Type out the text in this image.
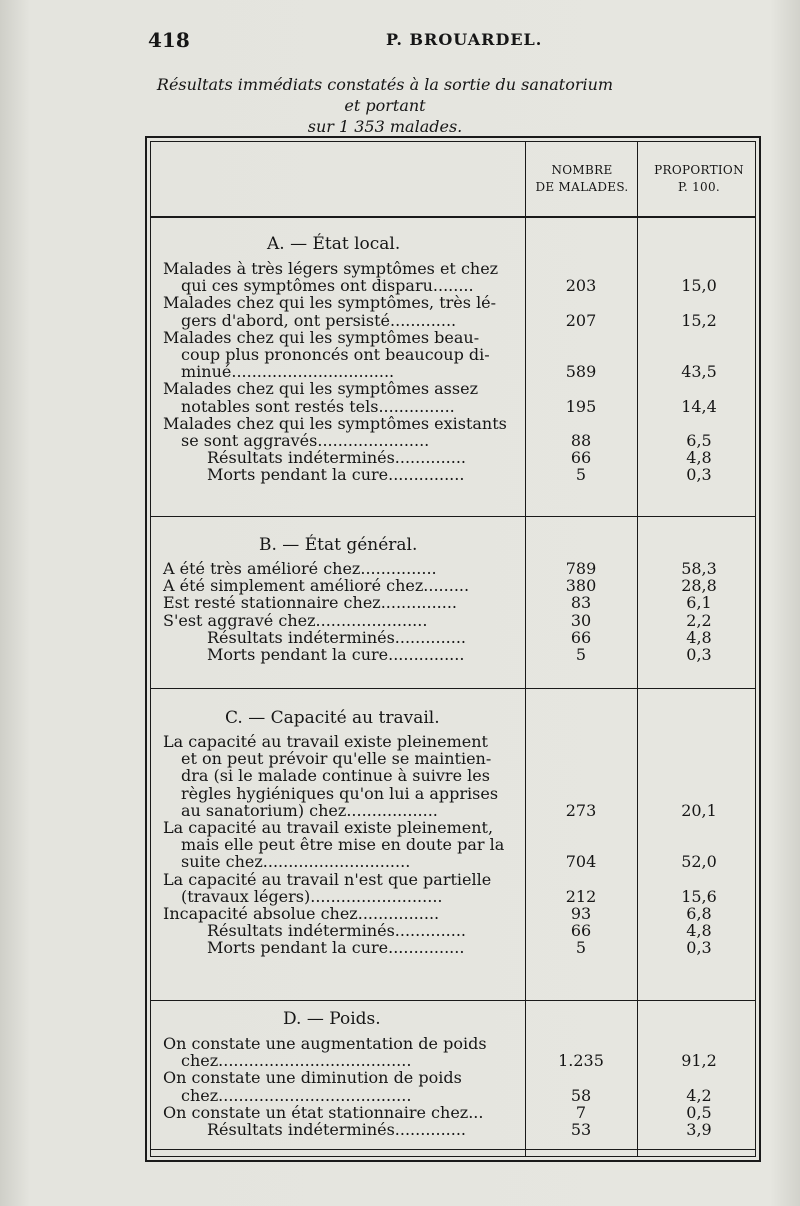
418	P. BROUARDEL.
Résultats immédiats constatés à la sortie du sanatorium et portant
sur 1 353 malades.
NOMBRE
DE MALADES.
PROPORTION
P. 100.
A. — État local.
Malades à très légers symptômes et chez
qui ces symptômes ont disparu........	203	15,0
Malades chez qui les symptômes, très lé-
gers d'abord, ont persisté.............	207	15,2
Malades chez qui les symptômes beau-
coup plus prononcés ont beaucoup di-
minué................................	589	43,5
Malades chez qui les symptômes assez
notables sont restés tels...............	195	14,4
Malades chez qui les symptômes existants
se sont aggravés......................	88	6,5
Résultats indéterminés..............	66	4,8
Morts pendant la cure...............	5	0,3
B. — État général.
A été très amélioré chez...............	789	58,3
A été simplement amélioré chez.........	380	28,8
Est resté stationnaire chez...............	83	6,1
S'est aggravé chez......................	30	2,2
Résultats indéterminés..............	66	4,8
Morts pendant la cure...............	5	0,3
C. — Capacité au travail.
La capacité au travail existe pleinement
et on peut prévoir qu'elle se maintien-
dra (si le malade continue à suivre les
règles hygiéniques qu'on lui a apprises
au sanatorium) chez..................	273	20,1
La capacité au travail existe pleinement,
mais elle peut être mise en doute par la
suite chez.............................	704	52,0
La capacité au travail n'est que partielle
(travaux légers)..........................	212	15,6
Incapacité absolue chez................	93	6,8
Résultats indéterminés..............	66	4,8
Morts pendant la cure...............	5	0,3
D. — Poids.
On constate une augmentation de poids
chez......................................	1.235	91,2
On constate une diminution de poids
chez......................................	58	4,2
On constate un état stationnaire chez...	7	0,5
Résultats indéterminés..............	53	3,9
